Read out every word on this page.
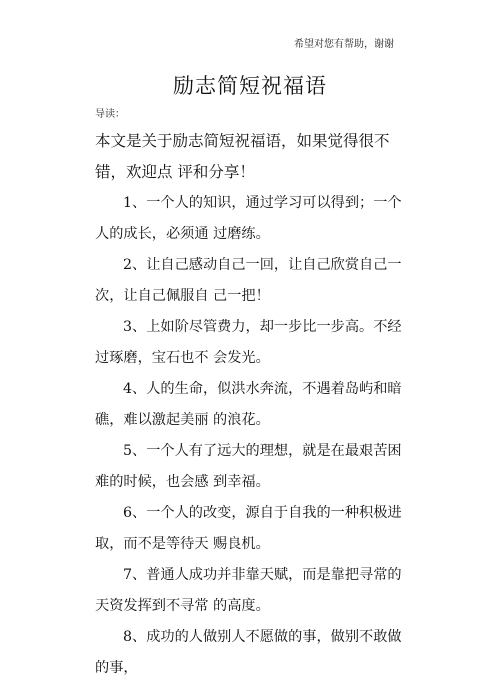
希望对您有帮助，谢谢
励志简短祝福语
导读：

本文是关于励志简短祝福语，如果觉得很不错，欢迎点 评和分享！

1、一个人的知识，通过学习可以得到；一个人的成长，必须通 过磨练。

2、让自己感动自己一回，让自己欣赏自己一次，让自己佩服自 己一把！

3、上如阶尽管费力，却一步比一步高。不经过琢磨，宝石也不 会发光。

4、人的生命，似洪水奔流，不遇着岛屿和暗礁，难以激起美丽 的浪花。

5、一个人有了远大的理想，就是在最艰苦困难的时候，也会感 到幸福。

6、一个人的改变，源自于自我的一种积极进取，而不是等待天 赐良机。

7、普通人成功并非靠天赋，而是靠把寻常的天资发挥到不寻常 的高度。

8、成功的人做别人不愿做的事，做别不敢做的事，
